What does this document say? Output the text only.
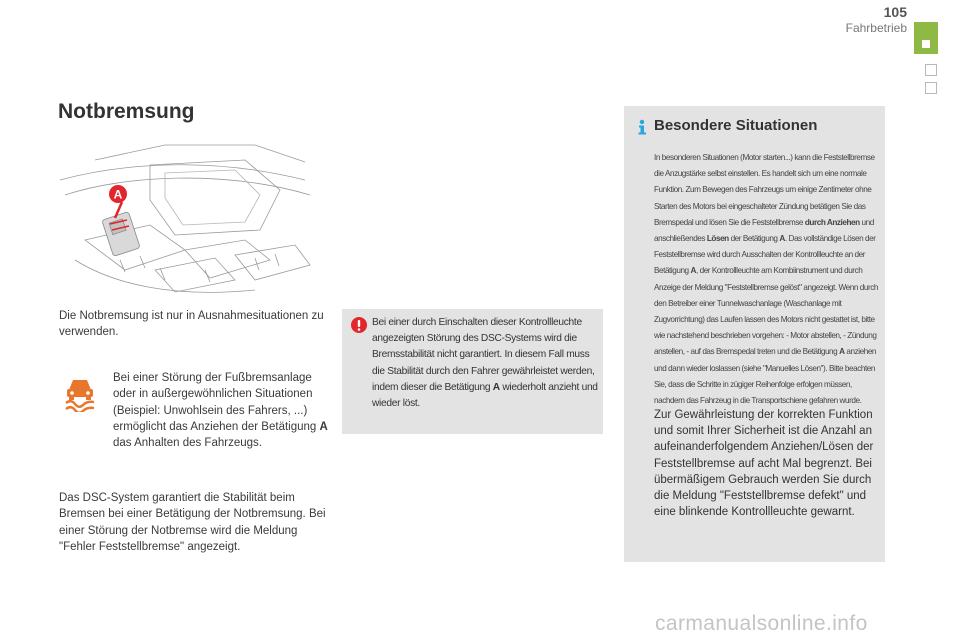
105
Fahrbetrieb
Notbremsung
A
Die Notbremsung ist nur in Ausnahmesituationen zu verwenden.
Bei einer Störung der Fußbremsanlage oder in außergewöhnlichen Situationen (Beispiel: Unwohlsein des Fahrers, ...) ermöglicht das Anziehen der Betätigung A das Anhalten des Fahrzeugs.
Das DSC-System garantiert die Stabilität beim Bremsen bei einer Betätigung der Notbremsung. Bei einer Störung der Notbremse wird die Meldung "Fehler Feststellbremse" angezeigt.
Bei einer durch Einschalten dieser Kontrollleuchte angezeigten Störung des DSC-Systems wird die Bremsstabilität nicht garantiert. In diesem Fall muss die Stabilität durch den Fahrer gewährleistet werden, indem dieser die Betätigung A wiederholt anzieht und wieder löst.
Besondere Situationen
In besonderen Situationen (Motor starten...) kann die Feststellbremse die Anzugstärke selbst einstellen. Es handelt sich um eine normale Funktion. Zum Bewegen des Fahrzeugs um einige Zentimeter ohne Starten des Motors bei eingeschalteter Zündung betätigen Sie das Bremspedal und lösen Sie die Feststellbremse durch Anziehen und anschließendes Lösen der Betätigung A. Das vollständige Lösen der Feststellbremse wird durch Ausschalten der Kontrollleuchte an der Betätigung A, der Kontrollleuchte am Kombiinstrument und durch Anzeige der Meldung "Feststellbremse gelöst" angezeigt. Wenn durch den Betreiber einer Tunnelwaschanlage (Waschanlage mit Zugvorrichtung) das Laufen lassen des Motors nicht gestattet ist, bitte wie nachstehend beschrieben vorgehen: - Motor abstellen, - Zündung anstellen, - auf das Bremspedal treten und die Betätigung A anziehen und dann wieder loslassen (siehe "Manuelles Lösen"). Bitte beachten Sie, dass die Schritte in zügiger Reihenfolge erfolgen müssen, nachdem das Fahrzeug in die Transportschiene gefahren wurde.
Zur Gewährleistung der korrekten Funktion und somit Ihrer Sicherheit ist die Anzahl an aufeinanderfolgendem Anziehen/Lösen der Feststellbremse auf acht Mal begrenzt. Bei übermäßigem Gebrauch werden Sie durch die Meldung "Feststellbremse defekt" und eine blinkende Kontrollleuchte gewarnt.
carmanualsonline.info
